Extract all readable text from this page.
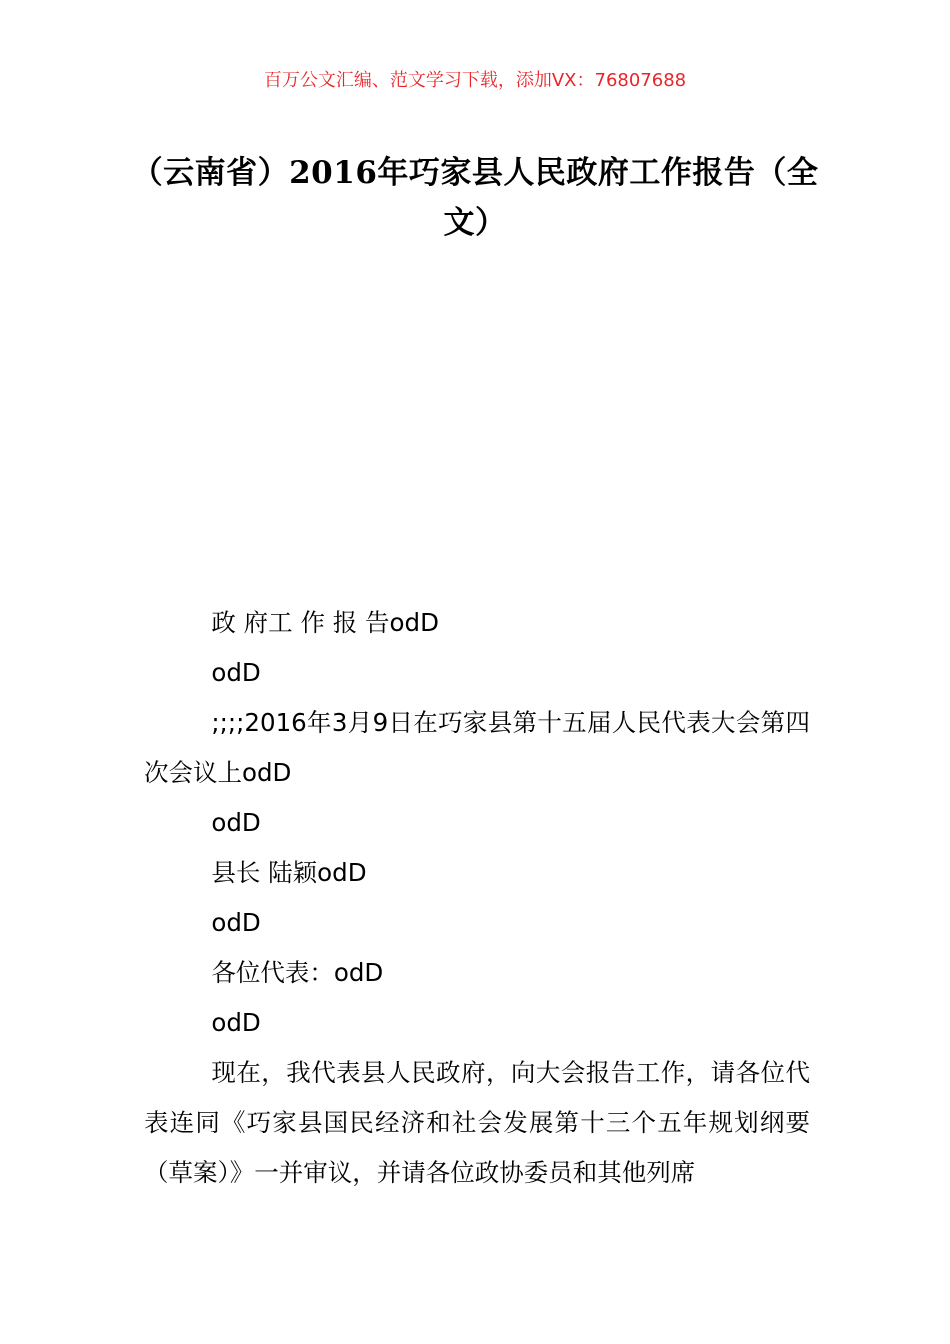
百万公文汇编、范文学习下载，添加VX：76807688
（云南省）2016年巧家县人民政府工作报告（全文）

政 府工 作 报 告odD

odD

;;;;2016年3月9日在巧家县第十五届人民代表大会第四次会议上odD

odD

县长 陆颖odD

odD

各位代表：odD

odD

现在，我代表县人民政府，向大会报告工作，请各位代表连同《巧家县国民经济和社会发展第十三个五年规划纲要（草案）》一并审议，并请各位政协委员和其他列席
